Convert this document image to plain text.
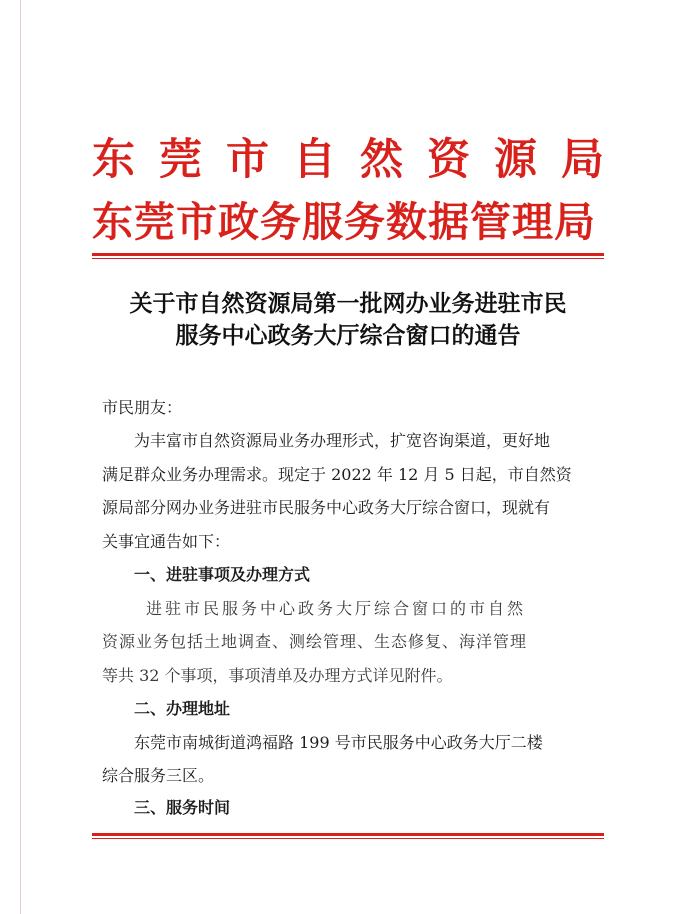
东 莞 市 自 然 资 源 局
东莞市政务服务数据管理局
关于市自然资源局第一批网办业务进驻市民
服务中心政务大厅综合窗口的通告
市民朋友：
为丰富市自然资源局业务办理形式，扩宽咨询渠道，更好地
满足群众业务办理需求。现定于 2022 年 12 月 5 日起，市自然资
源局部分网办业务进驻市民服务中心政务大厅综合窗口，现就有
关事宜通告如下：
一、进驻事项及办理方式
进驻市民服务中心政务大厅综合窗口的市自然
资源业务包括土地调查、测绘管理、生态修复、海洋管理
等共 32 个事项，事项清单及办理方式详见附件。
二、办理地址
东莞市南城街道鸿福路 199 号市民服务中心政务大厅二楼
综合服务三区。
三、服务时间
